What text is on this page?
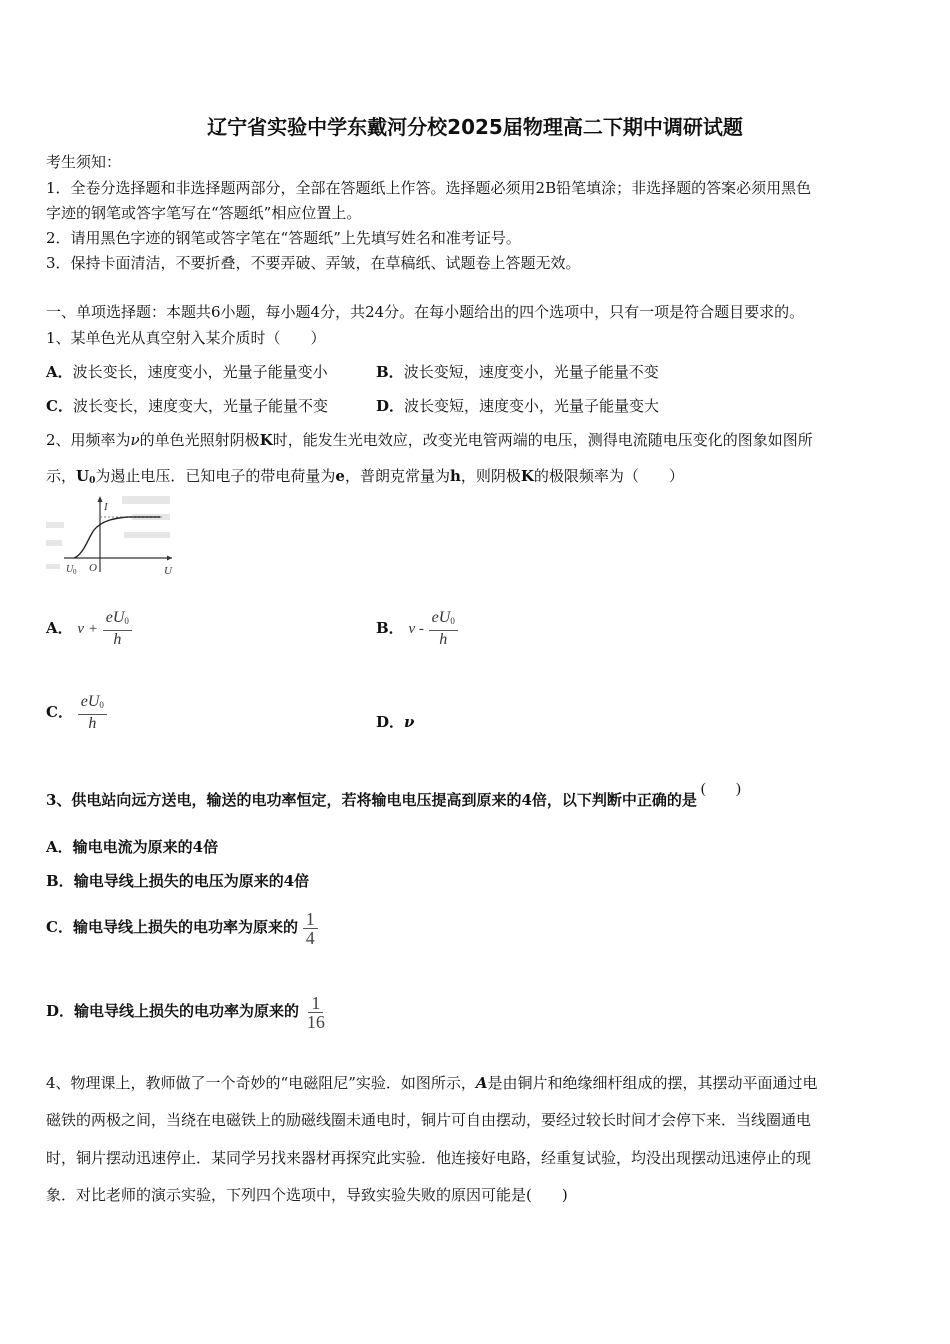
辽宁省实验中学东戴河分校2025届物理高二下期中调研试题
考生须知：
1．全卷分选择题和非选择题两部分，全部在答题纸上作答。选择题必须用2B铅笔填涂；非选择题的答案必须用黑色
字迹的钢笔或答字笔写在“答题纸”相应位置上。
2．请用黑色字迹的钢笔或答字笔在“答题纸”上先填写姓名和准考证号。
3．保持卡面清洁，不要折叠，不要弄破、弄皱，在草稿纸、试题卷上答题无效。
一、单项选择题：本题共6小题，每小题4分，共24分。在每小题给出的四个选项中，只有一项是符合题目要求的。
1、某单色光从真空射入某介质时（　　）
A．波长变长，速度变小，光量子能量变小	B．波长变短，速度变小，光量子能量不变
C．波长变长，速度变大，光量子能量不变	D．波长变短，速度变小，光量子能量变大
2、用频率为ν的单色光照射阴极K时，能发生光电效应，改变光电管两端的电压，测得电流随电压变化的图象如图所
示，$U_0$为遏止电压．已知电子的带电荷量为e，普朗克常量为h，则阴极K的极限频率为（　　）
I
U
O
U 0
A． $\nu + \frac{eU_0}{h}$	B． ν - $\frac{eU_0}{h}$
C． $\frac{eU_0}{h}$	D．ν
3、供电站向远方送电，输送的电功率恒定，若将输电电压提高到原来的4倍，以下判断中正确的是(　　)
A．输电电流为原来的4倍
B．输电导线上损失的电压为原来的4倍
C．输电导线上损失的电功率为原来的 $\frac{1}{4}$
D．输电导线上损失的电功率为原来的 $\frac{1}{16}$
4、物理课上，教师做了一个奇妙的“电磁阻尼”实验．如图所示，A是由铜片和绝缘细杆组成的摆，其摆动平面通过电
磁铁的两极之间，当绕在电磁铁上的励磁线圈未通电时，铜片可自由摆动，要经过较长时间才会停下来．当线圈通电
时，铜片摆动迅速停止．某同学另找来器材再探究此实验．他连接好电路，经重复试验，均没出现摆动迅速停止的现
象．对比老师的演示实验，下列四个选项中，导致实验失败的原因可能是(　　)
